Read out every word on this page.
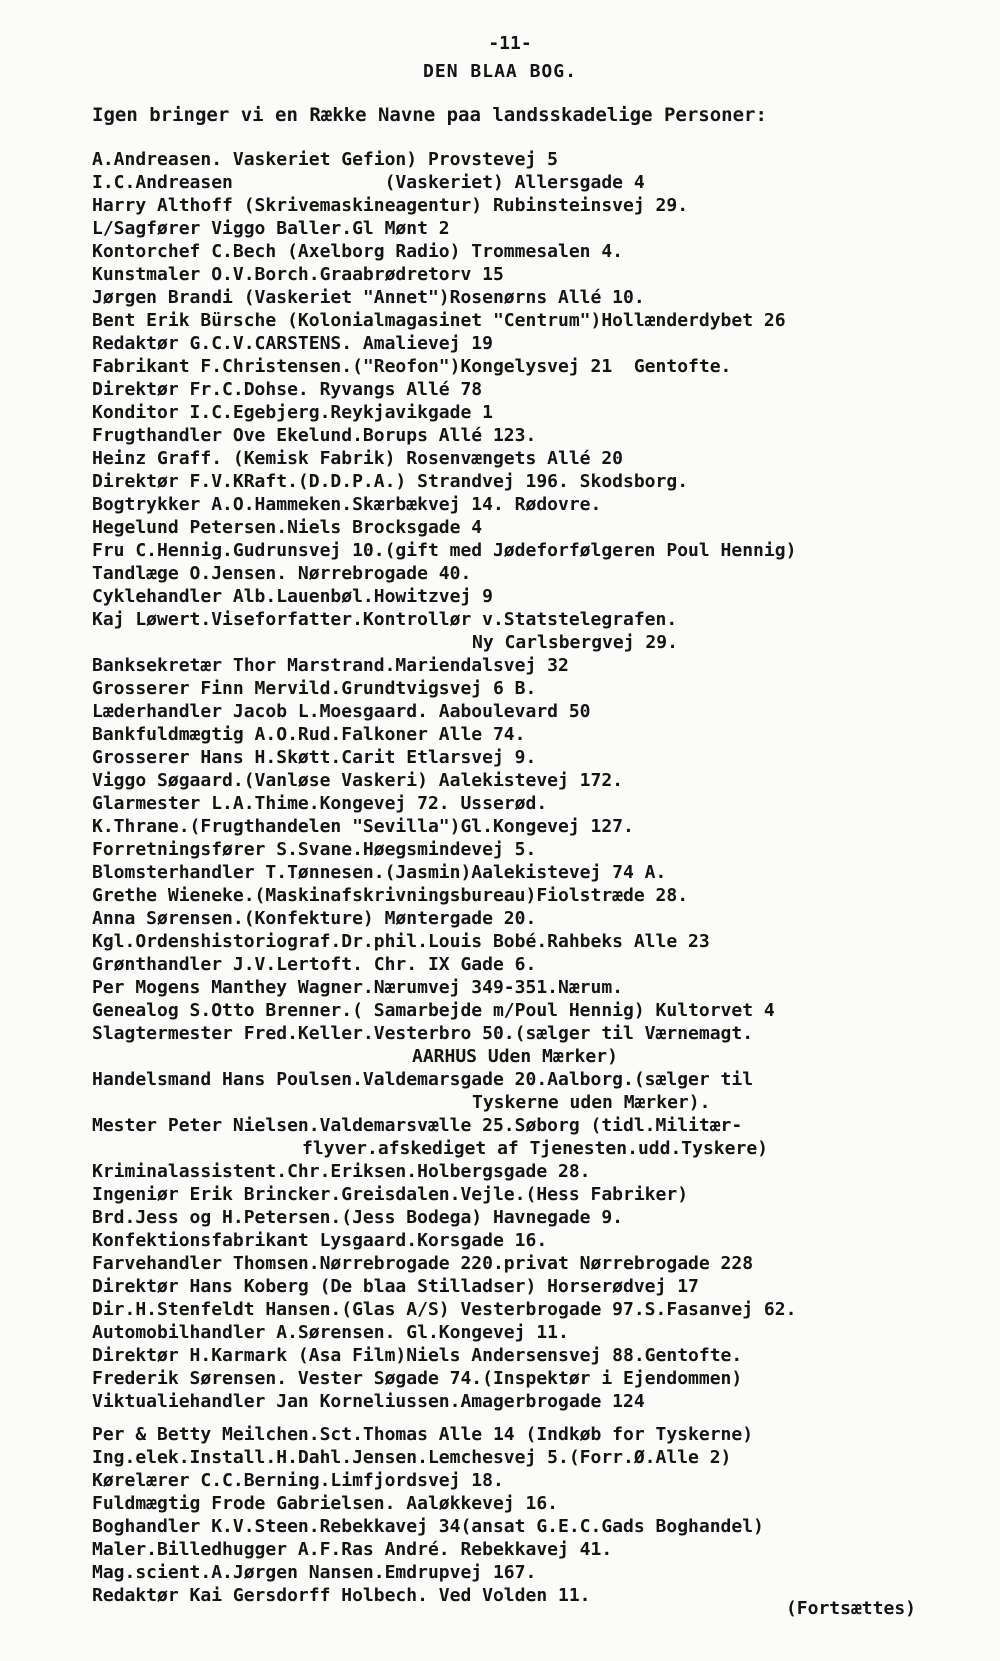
-11-
DEN BLAA BOG.
Igen bringer vi en Række Navne paa landsskadelige Personer:
A.Andreasen. Vaskeriet Gefion) Provstevej 5
I.C.Andreasen              (Vaskeriet) Allersgade 4
Harry Althoff (Skrivemaskineagentur) Rubinsteinsvej 29.
L/Sagfører Viggo Baller.Gl Mønt 2
Kontorchef C.Bech (Axelborg Radio) Trommesalen 4.
Kunstmaler O.V.Borch.Graabrødretorv 15
Jørgen Brandi (Vaskeriet "Annet")Rosenørns Allé 10.
Bent Erik Bürsche (Kolonialmagasinet "Centrum")Hollænderdybet 26
Redaktør G.C.V.CARSTENS. Amalievej 19
Fabrikant F.Christensen.("Reofon")Kongelysvej 21  Gentofte.
Direktør Fr.C.Dohse. Ryvangs Allé 78
Konditor I.C.Egebjerg.Reykjavikgade 1
Frugthandler Ove Ekelund.Borups Allé 123.
Heinz Graff. (Kemisk Fabrik) Rosenvængets Allé 20
Direktør F.V.KRaft.(D.D.P.A.) Strandvej 196. Skodsborg.
Bogtrykker A.O.Hammeken.Skærbækvej 14. Rødovre.
Hegelund Petersen.Niels Brocksgade 4
Fru C.Hennig.Gudrunsvej 10.(gift med Jødeforfølgeren Poul Hennig)
Tandlæge O.Jensen. Nørrebrogade 40.
Cyklehandler Alb.Lauenbøl.Howitzvej 9
Kaj Løwert.Viseforfatter.Kontrollør v.Statstelegrafen.
Ny Carlsbergvej 29.
Banksekretær Thor Marstrand.Mariendalsvej 32
Grosserer Finn Mervild.Grundtvigsvej 6 B.
Læderhandler Jacob L.Moesgaard. Aaboulevard 50
Bankfuldmægtig A.O.Rud.Falkoner Alle 74.
Grosserer Hans H.Skøtt.Carit Etlarsvej 9.
Viggo Søgaard.(Vanløse Vaskeri) Aalekistevej 172.
Glarmester L.A.Thime.Kongevej 72. Usserød.
K.Thrane.(Frugthandelen "Sevilla")Gl.Kongevej 127.
Forretningsfører S.Svane.Høegsmindevej 5.
Blomsterhandler T.Tønnesen.(Jasmin)Aalekistevej 74 A.
Grethe Wieneke.(Maskinafskrivningsbureau)Fiolstræde 28.
Anna Sørensen.(Konfekture) Møntergade 20.
Kgl.Ordenshistoriograf.Dr.phil.Louis Bobé.Rahbeks Alle 23
Grønthandler J.V.Lertoft. Chr. IX Gade 6.
Per Mogens Manthey Wagner.Nærumvej 349-351.Nærum.
Genealog S.Otto Brenner.( Samarbejde m/Poul Hennig) Kultorvet 4
Slagtermester Fred.Keller.Vesterbro 50.(sælger til Værnemagt.
AARHUS Uden Mærker)
Handelsmand Hans Poulsen.Valdemarsgade 20.Aalborg.(sælger til
Tyskerne uden Mærker).
Mester Peter Nielsen.Valdemarsvælle 25.Søborg (tidl.Militær-
flyver.afskediget af Tjenesten.udd.Tyskere)
Kriminalassistent.Chr.Eriksen.Holbergsgade 28.
Ingeniør Erik Brincker.Greisdalen.Vejle.(Hess Fabriker)
Brd.Jess og H.Petersen.(Jess Bodega) Havnegade 9.
Konfektionsfabrikant Lysgaard.Korsgade 16.
Farvehandler Thomsen.Nørrebrogade 220.privat Nørrebrogade 228
Direktør Hans Koberg (De blaa Stilladser) Horserødvej 17
Dir.H.Stenfeldt Hansen.(Glas A/S) Vesterbrogade 97.S.Fasanvej 62.
Automobilhandler A.Sørensen. Gl.Kongevej 11.
Direktør H.Karmark (Asa Film)Niels Andersensvej 88.Gentofte.
Frederik Sørensen. Vester Søgade 74.(Inspektør i Ejendommen)
Viktualiehandler Jan Korneliussen.Amagerbrogade 124
Per & Betty Meilchen.Sct.Thomas Alle 14 (Indkøb for Tyskerne)
Ing.elek.Install.H.Dahl.Jensen.Lemchesvej 5.(Forr.Ø.Alle 2)
Kørelærer C.C.Berning.Limfjordsvej 18.
Fuldmægtig Frode Gabrielsen. Aaløkkevej 16.
Boghandler K.V.Steen.Rebekkavej 34(ansat G.E.C.Gads Boghandel)
Maler.Billedhugger A.F.Ras André. Rebekkavej 41.
Mag.scient.A.Jørgen Nansen.Emdrupvej 167.
Redaktør Kai Gersdorff Holbech. Ved Volden 11.
(Fortsættes)
